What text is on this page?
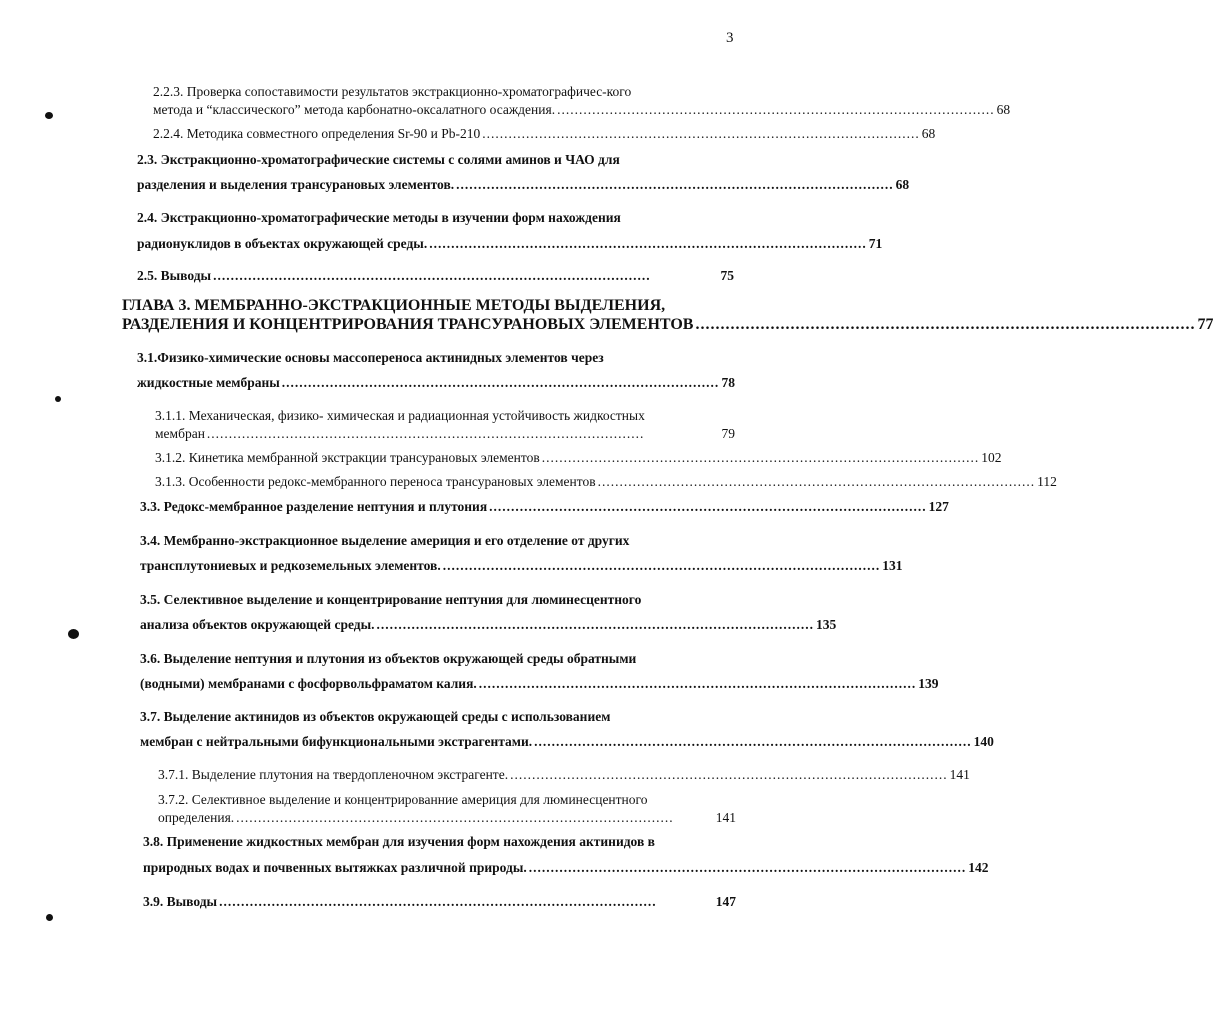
3
2.2.3. Проверка сопоставимости результатов экстракционно-хроматографичес-кого
метода и “классического” метода карбонатно-оксалатного осаждения. .................................................................................................... 68
2.2.4. Методика совместного определения Sr-90 и Pb-210 .................................................................................................... 68
2.3. Экстракционно-хроматографические системы с солями аминов и ЧАО для
разделения и выделения трансурановых элементов. .................................................................................................... 68
2.4. Экстракционно-хроматографические методы в изучении форм нахождения
радионуклидов в объектах окружающей среды. .................................................................................................... 71
2.5. Выводы ....................................................................................................	75
ГЛАВА 3. МЕМБРАННО-ЭКСТРАКЦИОННЫЕ МЕТОДЫ ВЫДЕЛЕНИЯ,
РАЗДЕЛЕНИЯ И КОНЦЕНТРИРОВАНИЯ ТРАНСУРАНОВЫХ ЭЛЕМЕНТОВ .................................................................................................... 77
3.1.Физико-химические основы массопереноса актинидных элементов через
жидкостные мембраны .................................................................................................... 78
3.1.1. Механическая, физико- химическая и радиационная устойчивость жидкостных
мембран ....................................................................................................	79
3.1.2. Кинетика мембранной экстракции трансурановых элементов .................................................................................................... 102
3.1.3. Особенности редокс-мембранного переноса трансурановых элементов .................................................................................................... 112
3.3. Редокс-мембранное разделение нептуния и плутония .................................................................................................... 127
3.4. Мембранно-экстракционное выделение америция и его отделение от других
трансплутониевых и редкоземельных элементов. .................................................................................................... 131
3.5. Селективное выделение и концентрирование нептуния для люминесцентного
анализа объектов окружающей среды. .................................................................................................... 135
3.6. Выделение нептуния и плутония из объектов окружающей среды обратными
(водными) мембранами с фосфорвольфраматом калия. .................................................................................................... 139
3.7. Выделение актинидов из объектов окружающей среды с использованием
мембран с нейтральными бифункциональными экстрагентами. .................................................................................................... 140
3.7.1. Выделение плутония на твердопленочном экстрагенте. .................................................................................................... 141
3.7.2. Селективное выделение и концентрированние америция для люминесцентного
определения. ....................................................................................................	141
3.8. Применение жидкостных мембран для изучения форм нахождения актинидов в
природных водах и почвенных вытяжках различной природы. .................................................................................................... 142
3.9. Выводы ....................................................................................................	147
